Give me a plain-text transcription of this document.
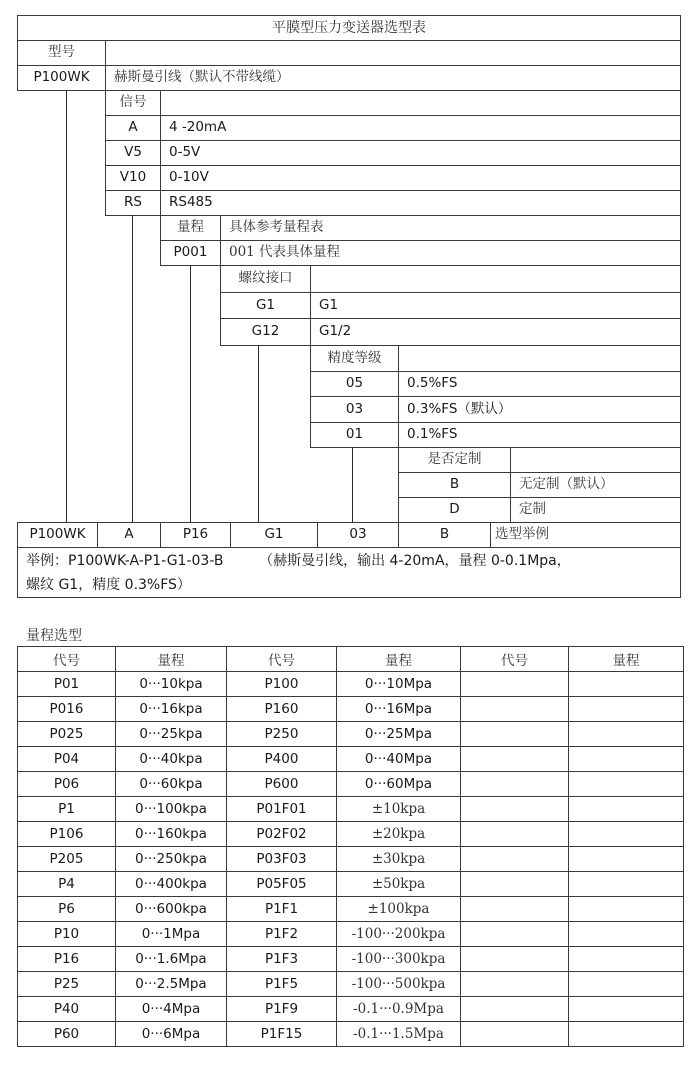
平膜型压力变送器选型表
型号
P100WK	赫斯曼引线（默认不带线缆）
信号
A	4 -20mA
V5	0-5V
V10	0-10V
RS	RS485
量程	具体参考量程表
P001	001 代表具体量程
螺纹接口
G1	G1
G12	G1/2
精度等级
05	0.5%FS
03	0.3%FS（默认）
01	0.1%FS
是否定制
B	无定制（默认）
D	定制
P100WK	A	P16	G1	03	B	选型举例
举例：P100WK-A-P1-G1-03-B        （赫斯曼引线，输出 4-20mA，量程 0-0.1Mpa，
螺纹 G1，精度 0.3%FS）
量程选型
代号	量程	代号	量程	代号	量程
P01	0···10kpa	P100	0···10Mpa		
P016	0···16kpa	P160	0···16Mpa		
P025	0···25kpa	P250	0···25Mpa		
P04	0···40kpa	P400	0···40Mpa		
P06	0···60kpa	P600	0···60Mpa		
P1	0···100kpa	P01F01	±10kpa		
P106	0···160kpa	P02F02	±20kpa		
P205	0···250kpa	P03F03	±30kpa		
P4	0···400kpa	P05F05	±50kpa		
P6	0···600kpa	P1F1	±100kpa		
P10	0···1Mpa	P1F2	-100···200kpa		
P16	0···1.6Mpa	P1F3	-100···300kpa		
P25	0···2.5Mpa	P1F5	-100···500kpa		
P40	0···4Mpa	P1F9	-0.1···0.9Mpa		
P60	0···6Mpa	P1F15	-0.1···1.5Mpa		
